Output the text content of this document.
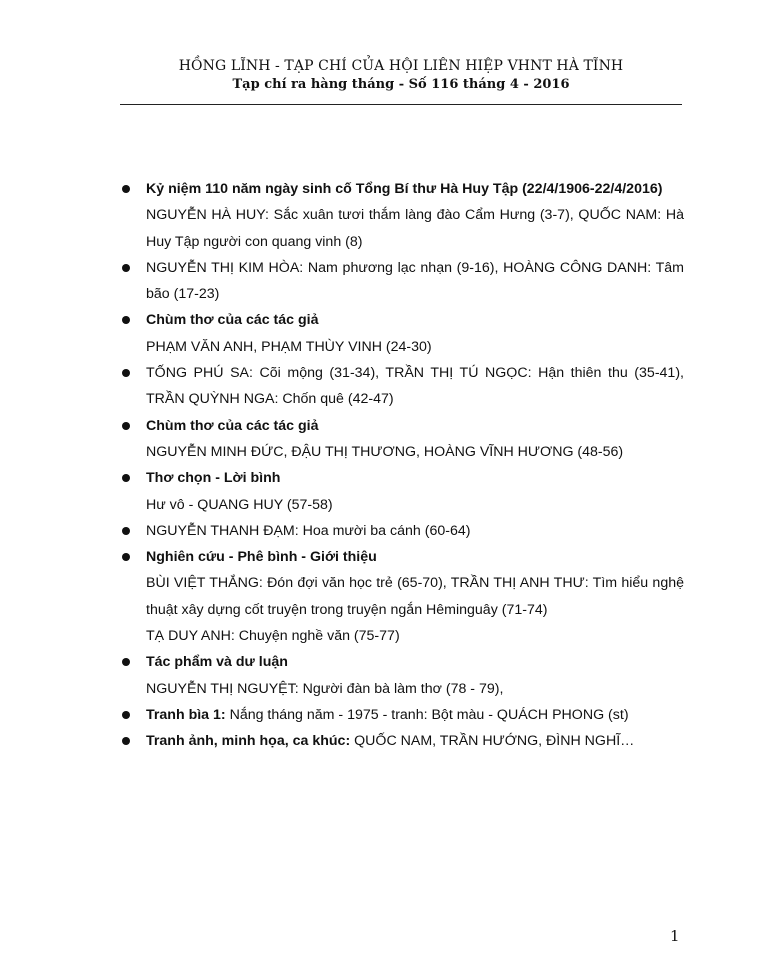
HỒNG LĨNH - TẠP CHÍ CỦA HỘI LIÊN HIỆP VHNT HÀ TĨNH
Tạp chí ra hàng tháng - Số 116 tháng 4 - 2016
Kỷ niệm 110 năm ngày sinh cố Tổng Bí thư Hà Huy Tập (22/4/1906-22/4/2016)
NGUYỄN HÀ HUY: Sắc xuân tươi thắm làng đào Cẩm Hưng (3-7), QUỐC NAM: Hà Huy Tập người con quang vinh (8)
NGUYỄN THỊ KIM HÒA: Nam phương lạc nhạn (9-16), HOÀNG CÔNG DANH: Tâm bão (17-23)
Chùm thơ của các tác giả
PHẠM VĂN ANH, PHẠM THÙY VINH (24-30)
TỐNG PHÚ SA: Cõi mộng (31-34), TRẦN THỊ TÚ NGỌC: Hận thiên thu (35-41), TRẦN QUỲNH NGA: Chốn quê (42-47)
Chùm thơ của các tác giả
NGUYỄN MINH ĐỨC, ĐẬU THỊ THƯƠNG, HOÀNG VĨNH HƯƠNG (48-56)
Thơ chọn - Lời bình
Hư vô - QUANG HUY (57-58)
NGUYỄN THANH ĐẠM: Hoa mười ba cánh (60-64)
Nghiên cứu - Phê bình - Giới thiệu
BÙI VIỆT THẮNG: Đón đợi văn học trẻ (65-70), TRẦN THỊ ANH THƯ: Tìm hiểu nghệ thuật xây dựng cốt truyện trong truyện ngắn Hêminguây (71-74)
TẠ DUY ANH: Chuyện nghề văn (75-77)
Tác phẩm và dư luận
NGUYỄN THỊ NGUYỆT: Người đàn bà làm thơ (78 - 79),
Tranh bìa 1: Nắng tháng năm - 1975 - tranh: Bột màu - QUÁCH PHONG (st)
Tranh ảnh, minh họa, ca khúc: QUỐC NAM, TRẦN HƯỚNG, ĐÌNH NGHĨ…
1
